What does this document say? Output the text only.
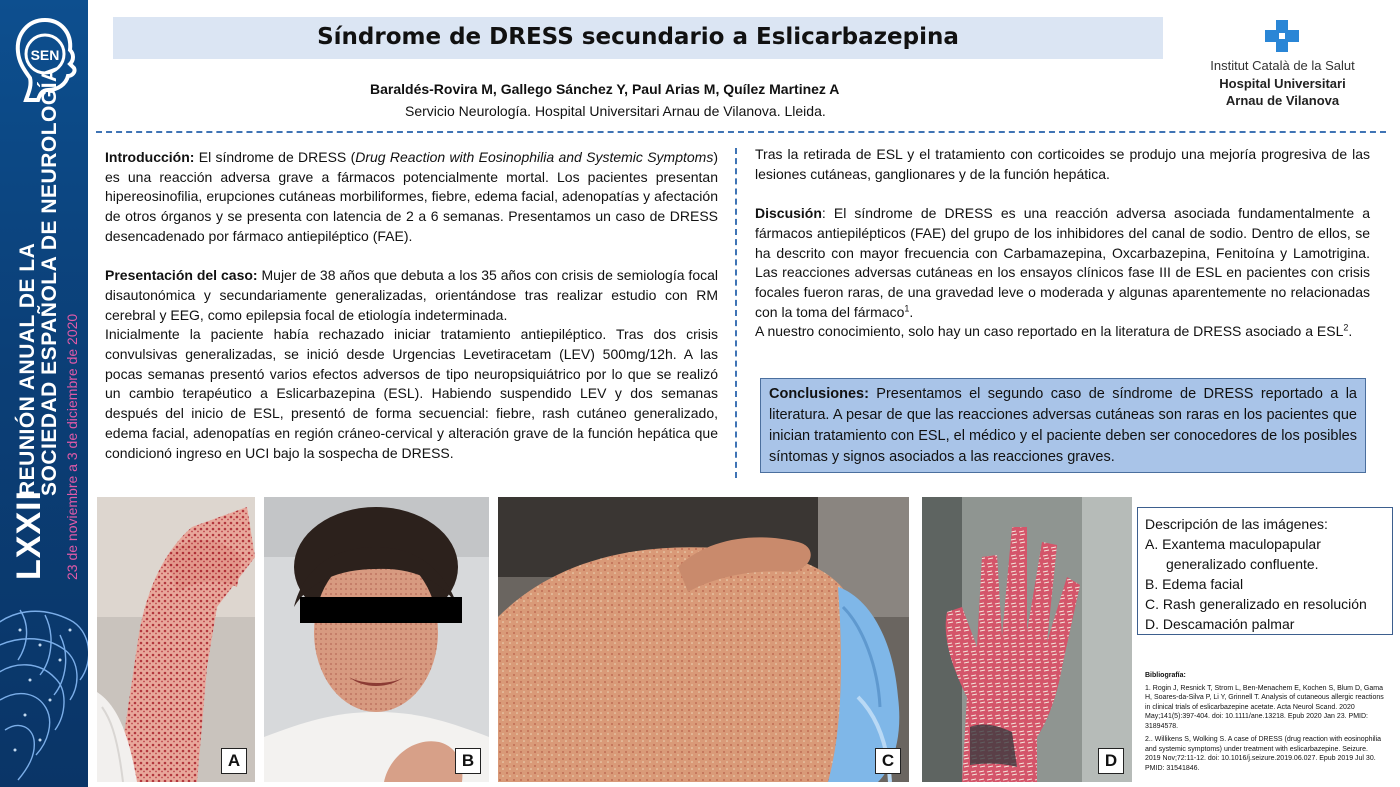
SEN
LXXII
REUNIÓN ANUAL DE LA SOCIEDAD ESPAÑOLA DE NEUROLOGÍA 23 de noviembre a 3 de diciembre de 2020
Síndrome de DRESS secundario a Eslicarbazepina
Baraldés-Rovira M, Gallego Sánchez Y, Paul Arias M, Quílez Martinez A
Servicio Neurología. Hospital Universitari Arnau de Vilanova. Lleida.
Institut Català de la Salut
Hospital Universitari
Arnau de Vilanova

Introducción: El síndrome de DRESS (Drug Reaction with Eosinophilia and Systemic Symptoms) es una reacción adversa grave a fármacos potencialmente mortal. Los pacientes presentan hipereosinofilia, erupciones cutáneas morbiliformes, fiebre, edema facial, adenopatías y afectación de otros órganos y se presenta con latencia de 2 a 6 semanas. Presentamos un caso de DRESS desencadenado por fármaco antiepiléptico (FAE).

Presentación del caso: Mujer de 38 años que debuta a los 35 años con crisis de semiología focal disautonómica y secundariamente generalizadas, orientándose tras realizar estudio con RM cerebral y EEG, como epilepsia focal de etiología indeterminada.

Inicialmente la paciente había rechazado iniciar tratamiento antiepiléptico. Tras dos crisis convulsivas generalizadas, se inició desde Urgencias Levetiracetam (LEV) 500mg/12h. A las pocas semanas presentó varios efectos adversos de tipo neuropsiquiátrico por lo que se realizó un cambio terapéutico a Eslicarbazepina (ESL). Habiendo suspendido LEV y dos semanas después del inicio de ESL, presentó de forma secuencial: fiebre, rash cutáneo generalizado, edema facial, adenopatías en región cráneo-cervical y alteración grave de la función hepática que condicionó ingreso en UCI bajo la sospecha de DRESS.

Tras la retirada de ESL y el tratamiento con corticoides se produjo una mejoría progresiva de las lesiones cutáneas, ganglionares y de la función hepática.

Discusión: El síndrome de DRESS es una reacción adversa asociada fundamentalmente a fármacos antiepilépticos (FAE) del grupo de los inhibidores del canal de sodio. Dentro de ellos, se ha descrito con mayor frecuencia con Carbamazepina, Oxcarbazepina, Fenitoína y Lamotrigina. Las reacciones adversas cutáneas en los ensayos clínicos fase III de ESL en pacientes con crisis focales fueron raras, de una gravedad leve o moderada y algunas aparentemente no relacionadas con la toma del fármaco$^1$.

A nuestro conocimiento, solo hay un caso reportado en la literatura de DRESS asociado a ESL$^2$.

Conclusiones: Presentamos el segundo caso de síndrome de DRESS reportado a la literatura. A pesar de que las reacciones adversas cutáneas son raras en los pacientes que inician tratamiento con ESL, el médico y el paciente deben ser conocedores de los posibles síntomas y signos asociados a las reacciones graves.
A	B	C	D
Descripción de las imágenes:
A. Exantema maculopapular
generalizado confluente.
B. Edema facial
C. Rash generalizado en resolución
D. Descamación palmar
Bibliografía:

1. Rogin J, Resnick T, Strom L, Ben-Menachem E, Kochen S, Blum D, Gama H, Soares-da-Silva P, Li Y, Grinnell T. Analysis of cutaneous allergic reactions in clinical trials of eslicarbazepine acetate. Acta Neurol Scand. 2020 May;141(5):397-404. doi: 10.1111/ane.13218. Epub 2020 Jan 23. PMID: 31894578.

2.. Willikens S, Wolking S. A case of DRESS (drug reaction with eosinophilia and systemic symptoms) under treatment with eslicarbazepine. Seizure. 2019 Nov;72:11-12. doi: 10.1016/j.seizure.2019.06.027. Epub 2019 Jul 30. PMID: 31541846.
